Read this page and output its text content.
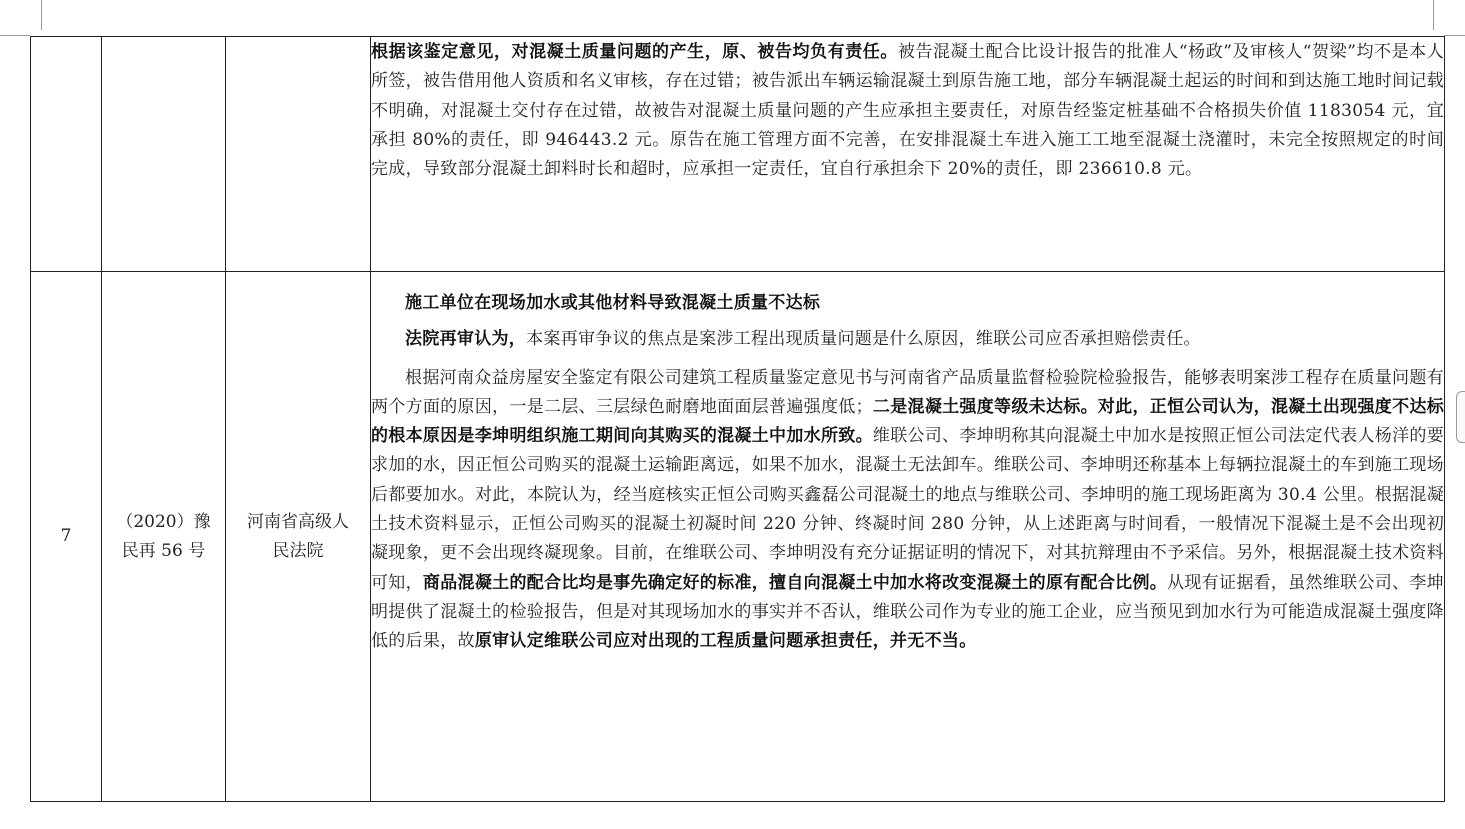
			根据该鉴定意见，对混凝土质量问题的产生，原、被告均负有责任。被告混凝土配合比设计报告的批准人“杨政”及审核人“贺梁”均不是本人所签，被告借用他人资质和名义审核，存在过错；被告派出车辆运输混凝土到原告施工地，部分车辆混凝土起运的时间和到达施工地时间记载不明确，对混凝土交付存在过错，故被告对混凝土质量问题的产生应承担主要责任，对原告经鉴定桩基础不合格损失价值 1183054 元，宜承担 80%的责任，即 946443.2 元。原告在施工管理方面不完善，在安排混凝土车进入施工工地至混凝土浇灌时，未完全按照规定的时间完成，导致部分混凝土卸料时长和超时，应承担一定责任，宜自行承担余下 20%的责任，即 236610.8 元。

7	（2020）豫民再 56 号	河南省高级人民法院	施工单位在现场加水或其他材料导致混凝土质量不达标

法院再审认为，本案再审争议的焦点是案涉工程出现质量问题是什么原因，维联公司应否承担赔偿责任。

根据河南众益房屋安全鉴定有限公司建筑工程质量鉴定意见书与河南省产品质量监督检验院检验报告，能够表明案涉工程存在质量问题有两个方面的原因，一是二层、三层绿色耐磨地面面层普遍强度低；二是混凝土强度等级未达标。对此，正恒公司认为，混凝土出现强度不达标的根本原因是李坤明组织施工期间向其购买的混凝土中加水所致。维联公司、李坤明称其向混凝土中加水是按照正恒公司法定代表人杨洋的要求加的水，因正恒公司购买的混凝土运输距离远，如果不加水，混凝土无法卸车。维联公司、李坤明还称基本上每辆拉混凝土的车到施工现场后都要加水。对此，本院认为，经当庭核实正恒公司购买鑫磊公司混凝土的地点与维联公司、李坤明的施工现场距离为 30.4 公里。根据混凝土技术资料显示，正恒公司购买的混凝土初凝时间 220 分钟、终凝时间 280 分钟，从上述距离与时间看，一般情况下混凝土是不会出现初凝现象，更不会出现终凝现象。目前，在维联公司、李坤明没有充分证据证明的情况下，对其抗辩理由不予采信。另外，根据混凝土技术资料可知，商品混凝土的配合比均是事先确定好的标准，擅自向混凝土中加水将改变混凝土的原有配合比例。从现有证据看，虽然维联公司、李坤明提供了混凝土的检验报告，但是对其现场加水的事实并不否认，维联公司作为专业的施工企业，应当预见到加水行为可能造成混凝土强度降低的后果，故原审认定维联公司应对出现的工程质量问题承担责任，并无不当。
